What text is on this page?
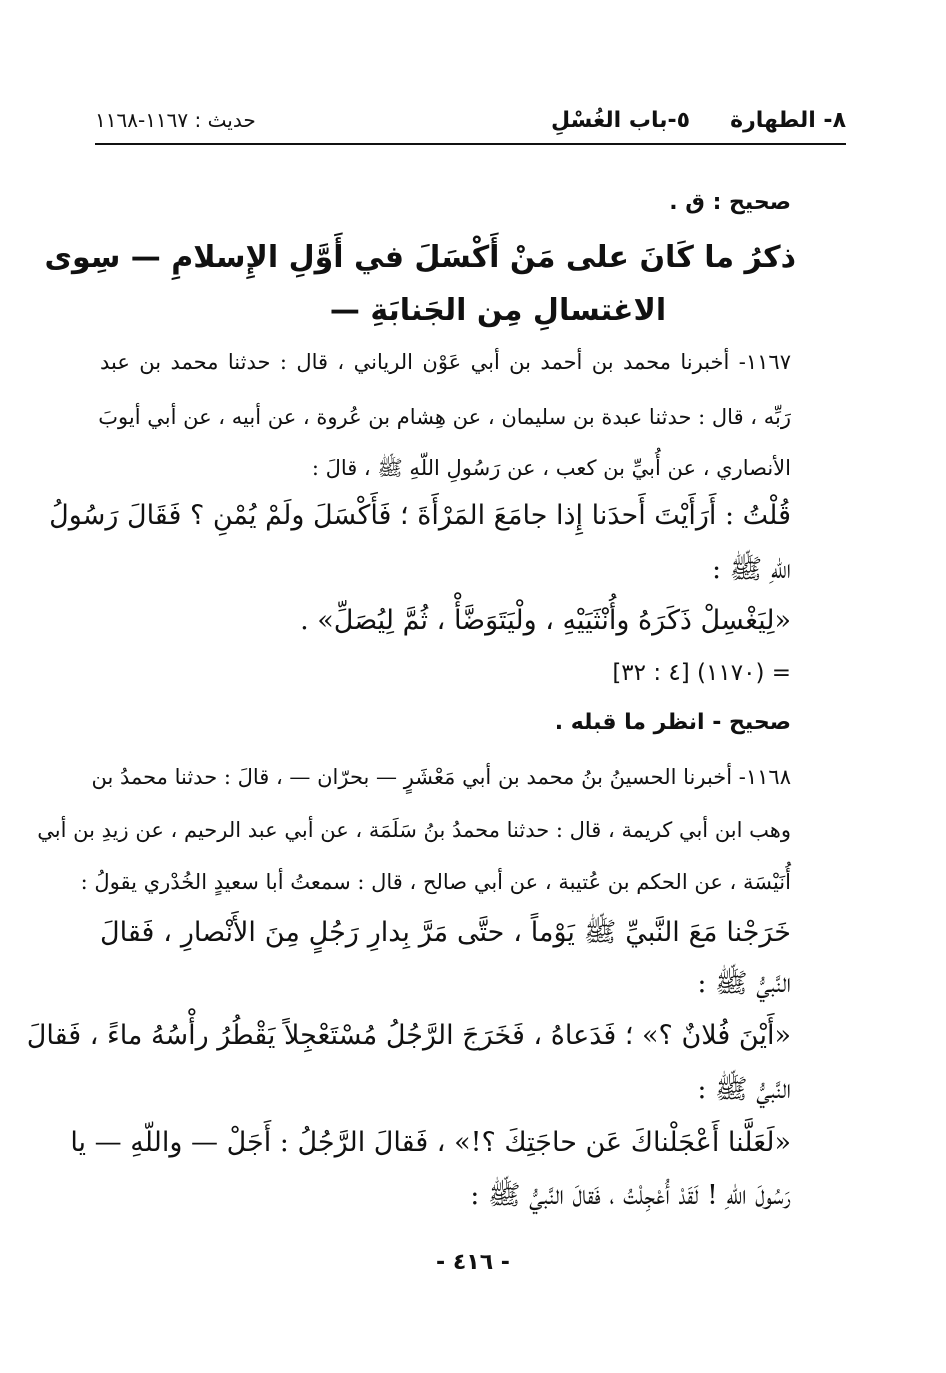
٨- الطهارة
٥-باب الغُسْلِ
حديث : ١١٦٧-١١٦٨
صحيح : ق .
ذكرُ ما كَانَ على مَنْ أَكْسَلَ في أَوَّلِ الإِسلامِ — سِوى
الاغتسالِ مِن الجَنابَةِ —
١١٦٧- أخبرنا محمد بن أحمد بن أبي عَوْن الرياني ، قال : حدثنا محمد بن عبد
رَبِّه ، قال : حدثنا عبدة بن سليمان ، عن هِشام بن عُروة ، عن أبيه ، عن أبي أيوبَ
الأنصاري ، عن أُبيِّ بن كعب ، عن رَسُولِ اللّهِ ﷺ ، قالَ :
قُلْتُ : أَرَأَيْتَ أَحدَنا إِذا جامَعَ المَرْأَةَ ؛ فَأَكْسَلَ ولَمْ يُمْنِ ؟ فَقَالَ رَسُولُ
اللّهِ ﷺ :
«لِيَغْسِلْ ذَكَرَهُ وأُنْثَيَيْهِ ، ولْيَتَوَضَّأْ ، ثُمَّ لِيُصَلِّ» .
= (١١٧٠) [٤ : ٣٢]
صحيح - انظر ما قبله .
١١٦٨- أخبرنا الحسينُ بنُ محمد بن أبي مَعْشَرٍ — بحرّان — ، قالَ : حدثنا محمدُ بن
وهب ابن أبي كريمة ، قال : حدثنا محمدُ بنُ سَلَمَة ، عن أبي عبد الرحيم ، عن زيدِ بن أبي
أُنَيْسَة ، عن الحكم بن عُتيبة ، عن أبي صالح ، قال : سمعتُ أبا سعيدٍ الخُدْري يقولُ :
خَرَجْنا مَعَ النَّبيِّ ﷺ يَوْماً ، حتَّى مَرَّ بِدارِ رَجُلٍ مِنَ الأَنْصارِ ، فَقالَ
النَّبيُّ ﷺ :
«أَيْنَ فُلانٌ ؟» ؛ فَدَعاهُ ، فَخَرَجَ الرَّجُلُ مُسْتَعْجِلاً يَقْطُرُ رأْسُهُ ماءً ، فَقالَ
النَّبيُّ ﷺ :
«لَعَلَّنا أَعْجَلْناكَ عَن حاجَتِكَ ؟!» ، فَقالَ الرَّجُلُ : أَجَلْ — واللّهِ — يا
رَسُولَ اللّهِ ! لَقَدْ أُعْجِلْتُ ، فَقالَ النَّبيُّ ﷺ :
- ٤١٦ -
